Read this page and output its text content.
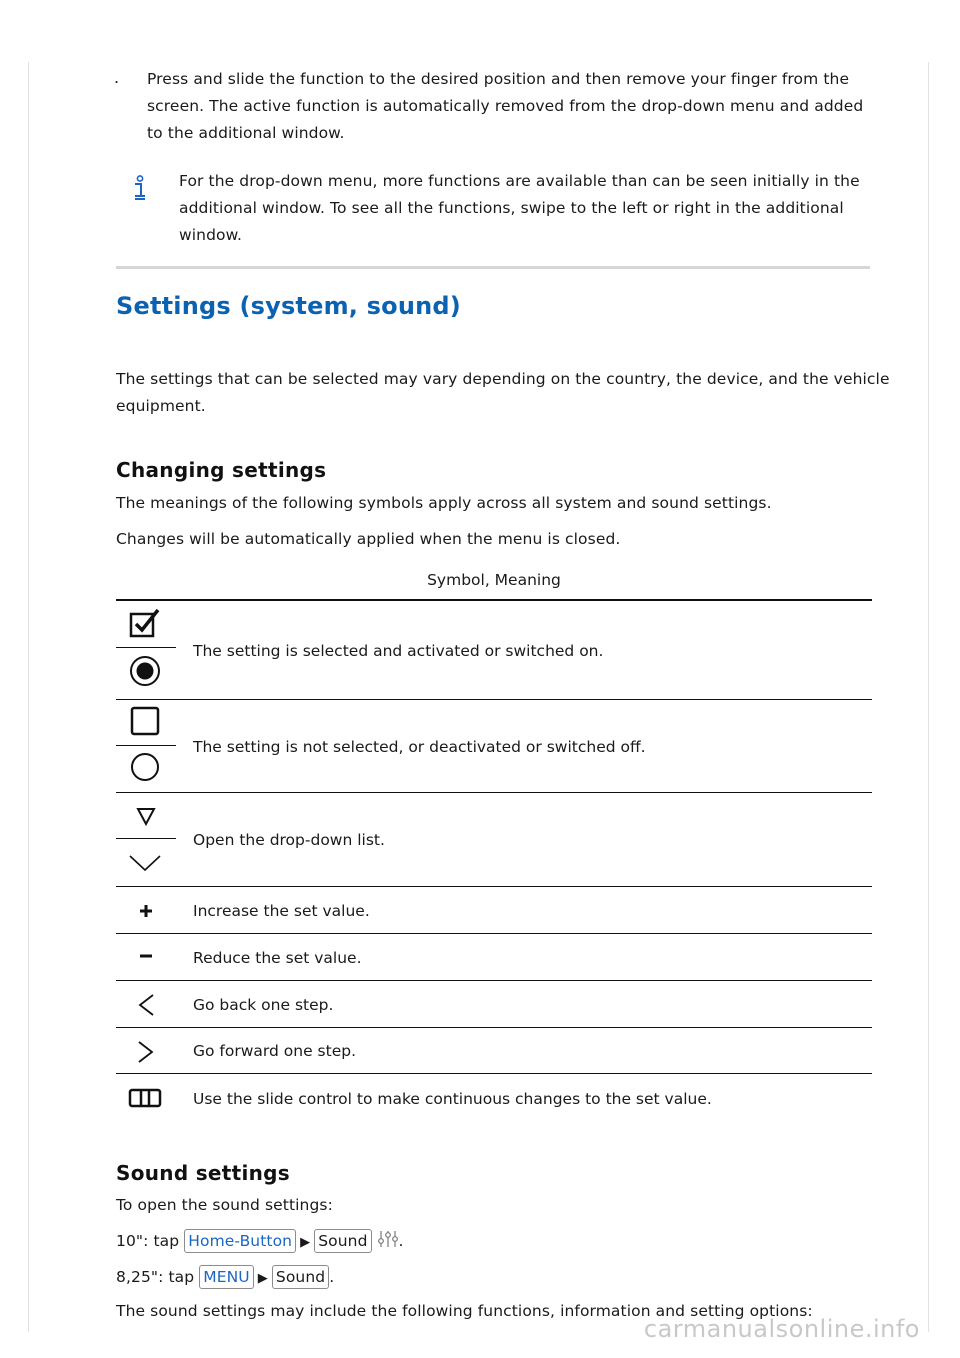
. Press and slide the function to the desired position and then remove your finger from the
screen. The active function is automatically removed from the drop-down menu and added
to the additional window.
For the drop-down menu, more functions are available than can be seen initially in the
additional window. To see all the functions, swipe to the left or right in the additional
window.
Settings (system, sound)
The settings that can be selected may vary depending on the country, the device, and the vehicle
equipment.
Changing settings
The meanings of the following symbols apply across all system and sound settings.
Changes will be automatically applied when the menu is closed.
Symbol, Meaning
The setting is selected and activated or switched on.
The setting is not selected, or deactivated or switched off.
Open the drop-down list.
Increase the set value.
Reduce the set value.
Go back one step.
Go forward one step.
Use the slide control to make continuous changes to the set value.
Sound settings
To open the sound settings:
10": tap Home-Button ▶ Sound .
8,25": tap MENU ▶ Sound .
The sound settings may include the following functions, information and setting options:
carmanualsonline.info
